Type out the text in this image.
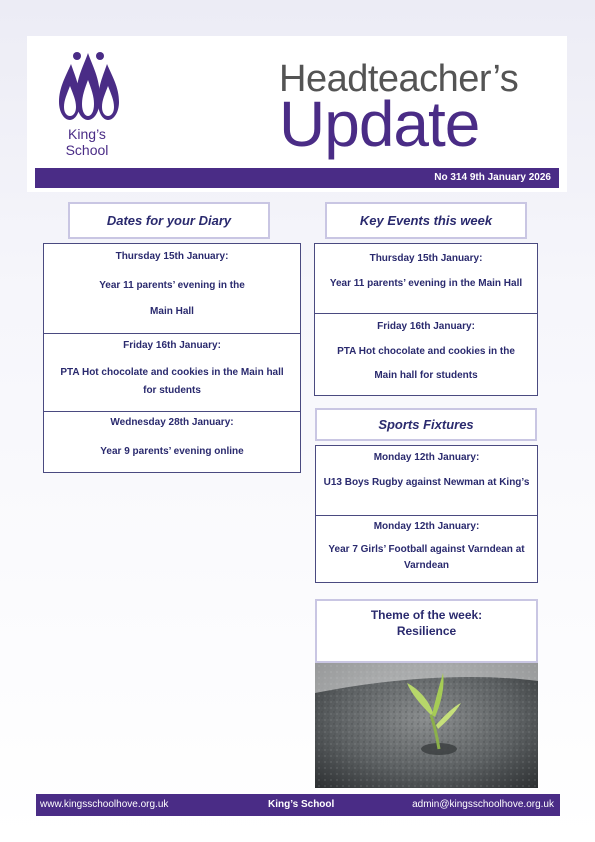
King’s
School
Headteacher’s
Update
No 314 9th January 2026
Dates for your Diary

Thursday 15th January:

Year 11 parents’ evening in the

Main Hall

Friday 16th January:

PTA Hot chocolate and cookies in the Main hall

for students

Wednesday 28th January:

Year 9 parents’ evening online

Key Events this week

Thursday 15th January:

Year 11 parents’ evening in the Main Hall

Friday 16th January:

PTA Hot chocolate and cookies in the

Main hall for students

Sports Fixtures

Monday 12th January:

U13 Boys Rugby against Newman at King’s

Monday 12th January:

Year 7 Girls’ Football against Varndean at

Varndean

Theme of the week:
Resilience
www.kingsschoolhove.org.uk	King’s School	admin@kingsschoolhove.org.uk
